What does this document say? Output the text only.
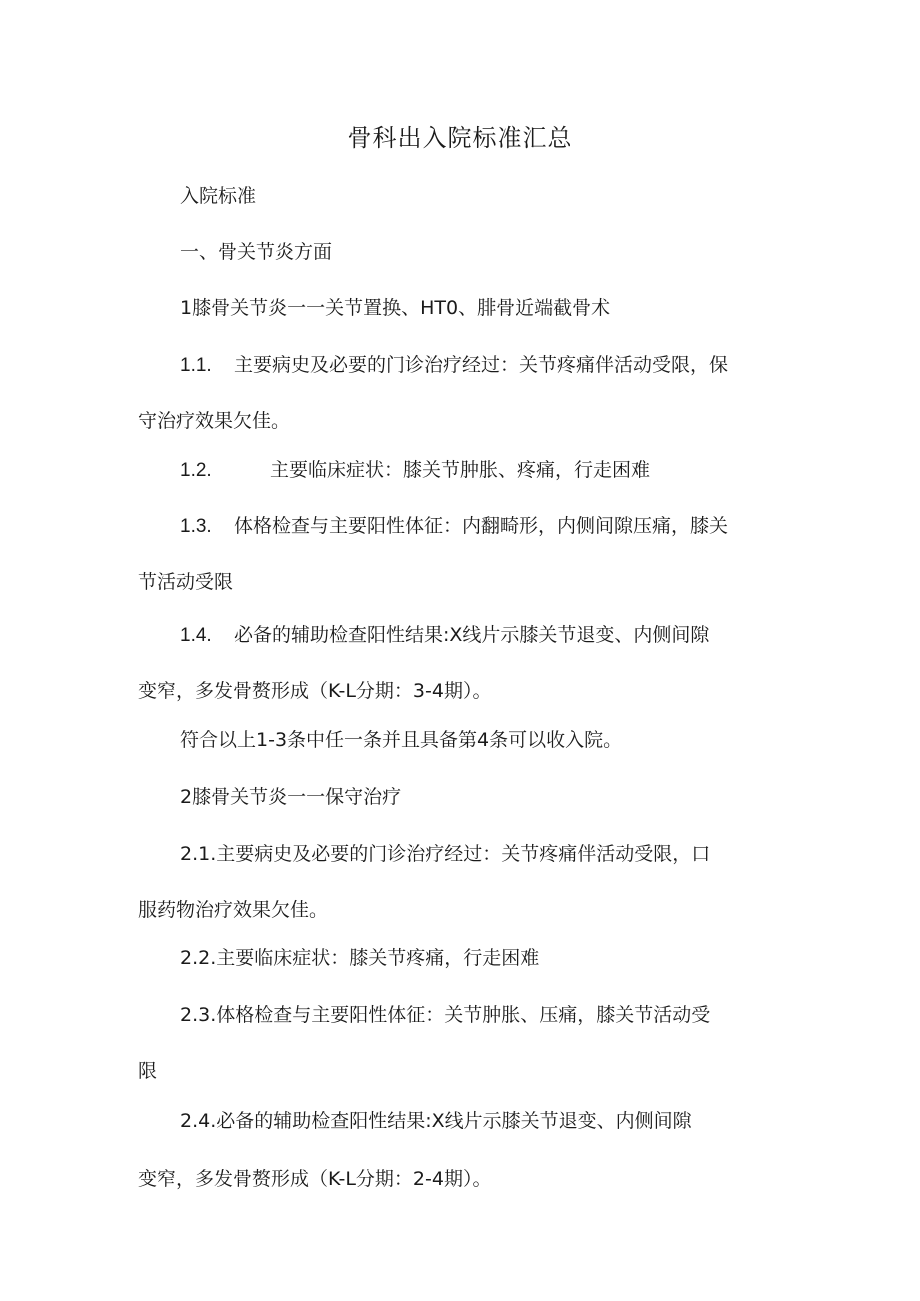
骨科出入院标准汇总

入院标准

一、骨关节炎方面

1膝骨关节炎一一关节置换、HT0、腓骨近端截骨术

1.1. 主要病史及必要的门诊治疗经过：关节疼痛伴活动受限，保
守治疗效果欠佳。

1.2.	主要临床症状：膝关节肿胀、疼痛，行走困难

1.3. 体格检查与主要阳性体征：内翻畸形，内侧间隙压痛，膝关
节活动受限

1.4. 必备的辅助检查阳性结果:X线片示膝关节退变、内侧间隙
变窄，多发骨赘形成（K-L分期：3-4期）。

符合以上1-3条中任一条并且具备第4条可以收入院。

2膝骨关节炎一一保守治疗

2.1.主要病史及必要的门诊治疗经过：关节疼痛伴活动受限，口
服药物治疗效果欠佳。

2.2.主要临床症状：膝关节疼痛，行走困难

2.3.体格检查与主要阳性体征：关节肿胀、压痛，膝关节活动受
限

2.4.必备的辅助检查阳性结果:X线片示膝关节退变、内侧间隙
变窄，多发骨赘形成（K-L分期：2-4期）。
